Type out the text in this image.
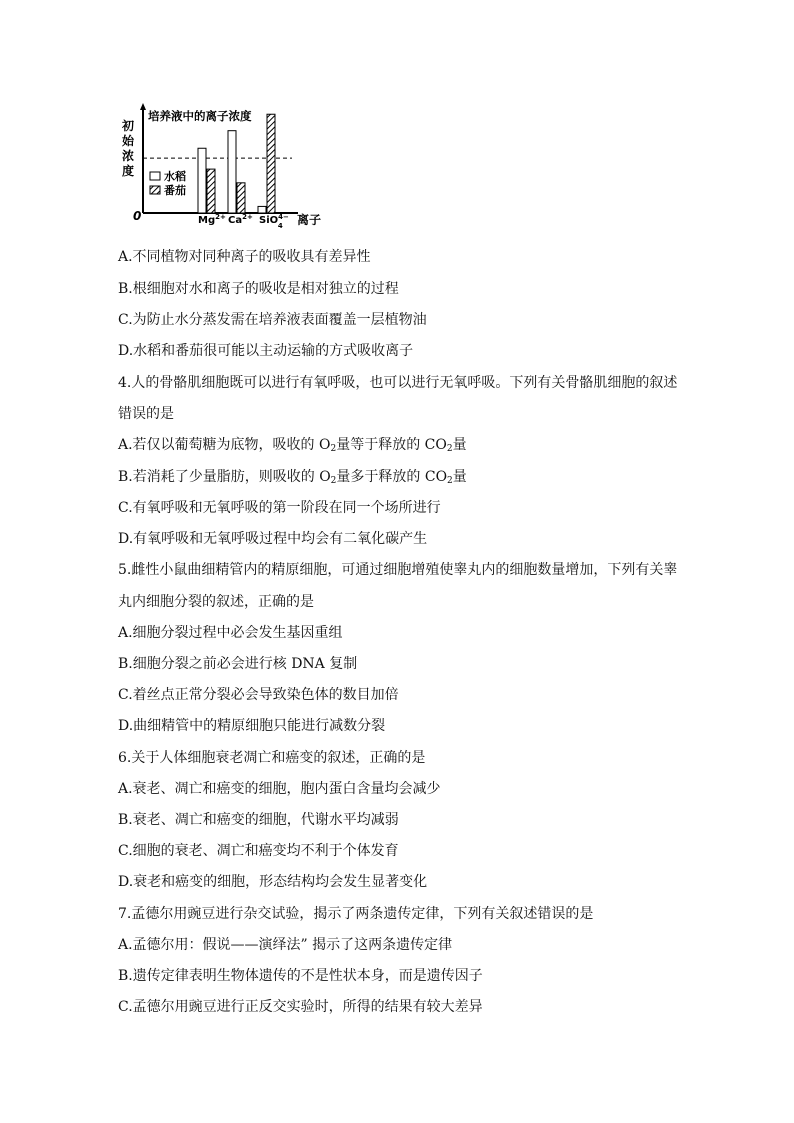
初
始
浓
度
培养液中的离子浓度
0	离子
水稻
番茄
$Mg^{2+}$ $Ca^{2+}$ SiO$^{4-}$ 4
A.不同植物对同种离子的吸收具有差异性
B.根细胞对水和离子的吸收是相对独立的过程
C.为防止水分蒸发需在培养液表面覆盖一层植物油
D.水稻和番茄很可能以主动运输的方式吸收离子
4.人的骨骼肌细胞既可以进行有氧呼吸，也可以进行无氧呼吸。下列有关骨骼肌细胞的叙述
错误的是
A.若仅以葡萄糖为底物，吸收的 $O_2$量等于释放的 $CO_2$量
B.若消耗了少量脂肪，则吸收的 $O_2$量多于释放的 $CO_2$量
C.有氧呼吸和无氧呼吸的第一阶段在同一个场所进行
D.有氧呼吸和无氧呼吸过程中均会有二氧化碳产生
5.雌性小鼠曲细精管内的精原细胞，可通过细胞增殖使睾丸内的细胞数量增加，下列有关睾
丸内细胞分裂的叙述，正确的是
A.细胞分裂过程中必会发生基因重组
B.细胞分裂之前必会进行核 DNA 复制
C.着丝点正常分裂必会导致染色体的数目加倍
D.曲细精管中的精原细胞只能进行减数分裂
6.关于人体细胞衰老凋亡和癌变的叙述，正确的是
A.衰老、凋亡和癌变的细胞，胞内蛋白含量均会减少
B.衰老、凋亡和癌变的细胞，代谢水平均减弱
C.细胞的衰老、凋亡和癌变均不利于个体发育
D.衰老和癌变的细胞，形态结构均会发生显著变化
7.孟德尔用豌豆进行杂交试验，揭示了两条遗传定律，下列有关叙述错误的是
A.孟德尔用：假说——演绎法” 揭示了这两条遗传定律
B.遗传定律表明生物体遗传的不是性状本身，而是遗传因子
C.孟德尔用豌豆进行正反交实验时，所得的结果有较大差异
